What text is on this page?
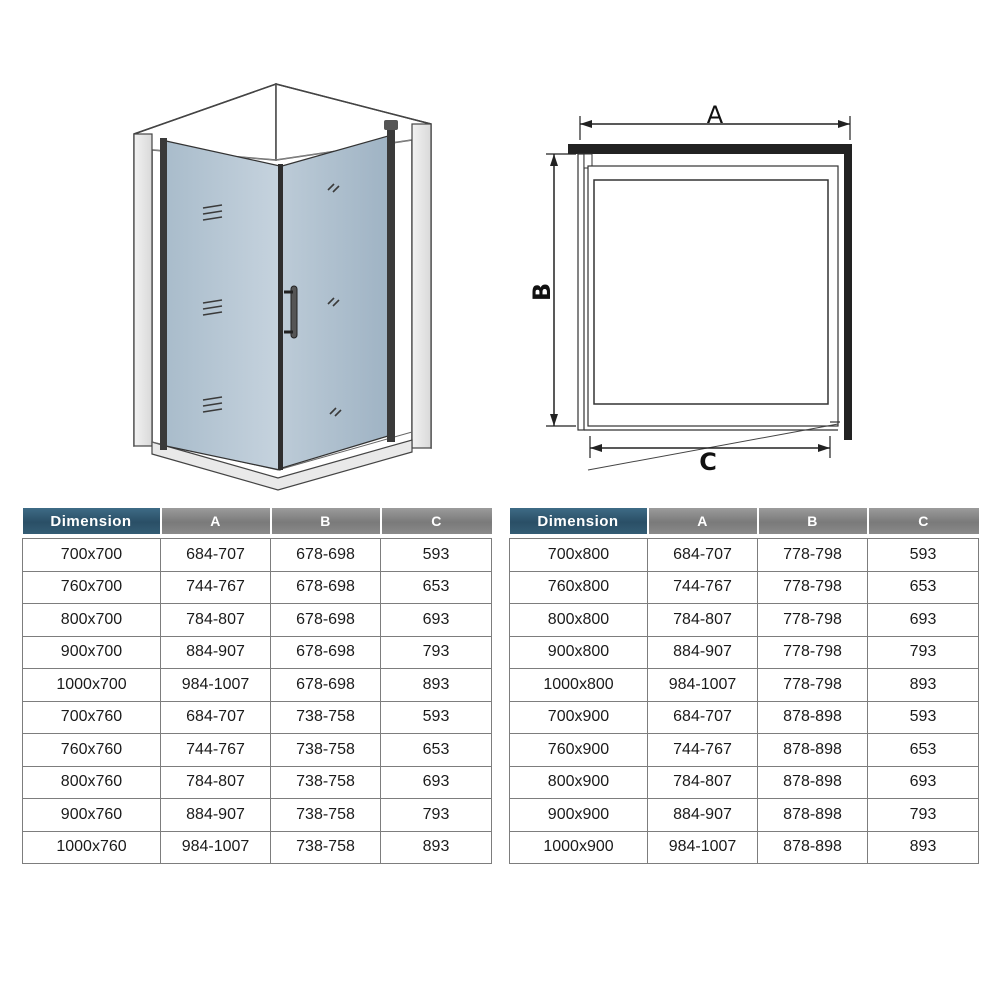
A
B
C
Dimension	A	B	C

700x700	684-707	678-698	593
760x700	744-767	678-698	653
800x700	784-807	678-698	693
900x700	884-907	678-698	793
1000x700	984-1007	678-698	893
700x760	684-707	738-758	593
760x760	744-767	738-758	653
800x760	784-807	738-758	693
900x760	884-907	738-758	793
1000x760	984-1007	738-758	893
Dimension	A	B	C

700x800	684-707	778-798	593
760x800	744-767	778-798	653
800x800	784-807	778-798	693
900x800	884-907	778-798	793
1000x800	984-1007	778-798	893
700x900	684-707	878-898	593
760x900	744-767	878-898	653
800x900	784-807	878-898	693
900x900	884-907	878-898	793
1000x900	984-1007	878-898	893
